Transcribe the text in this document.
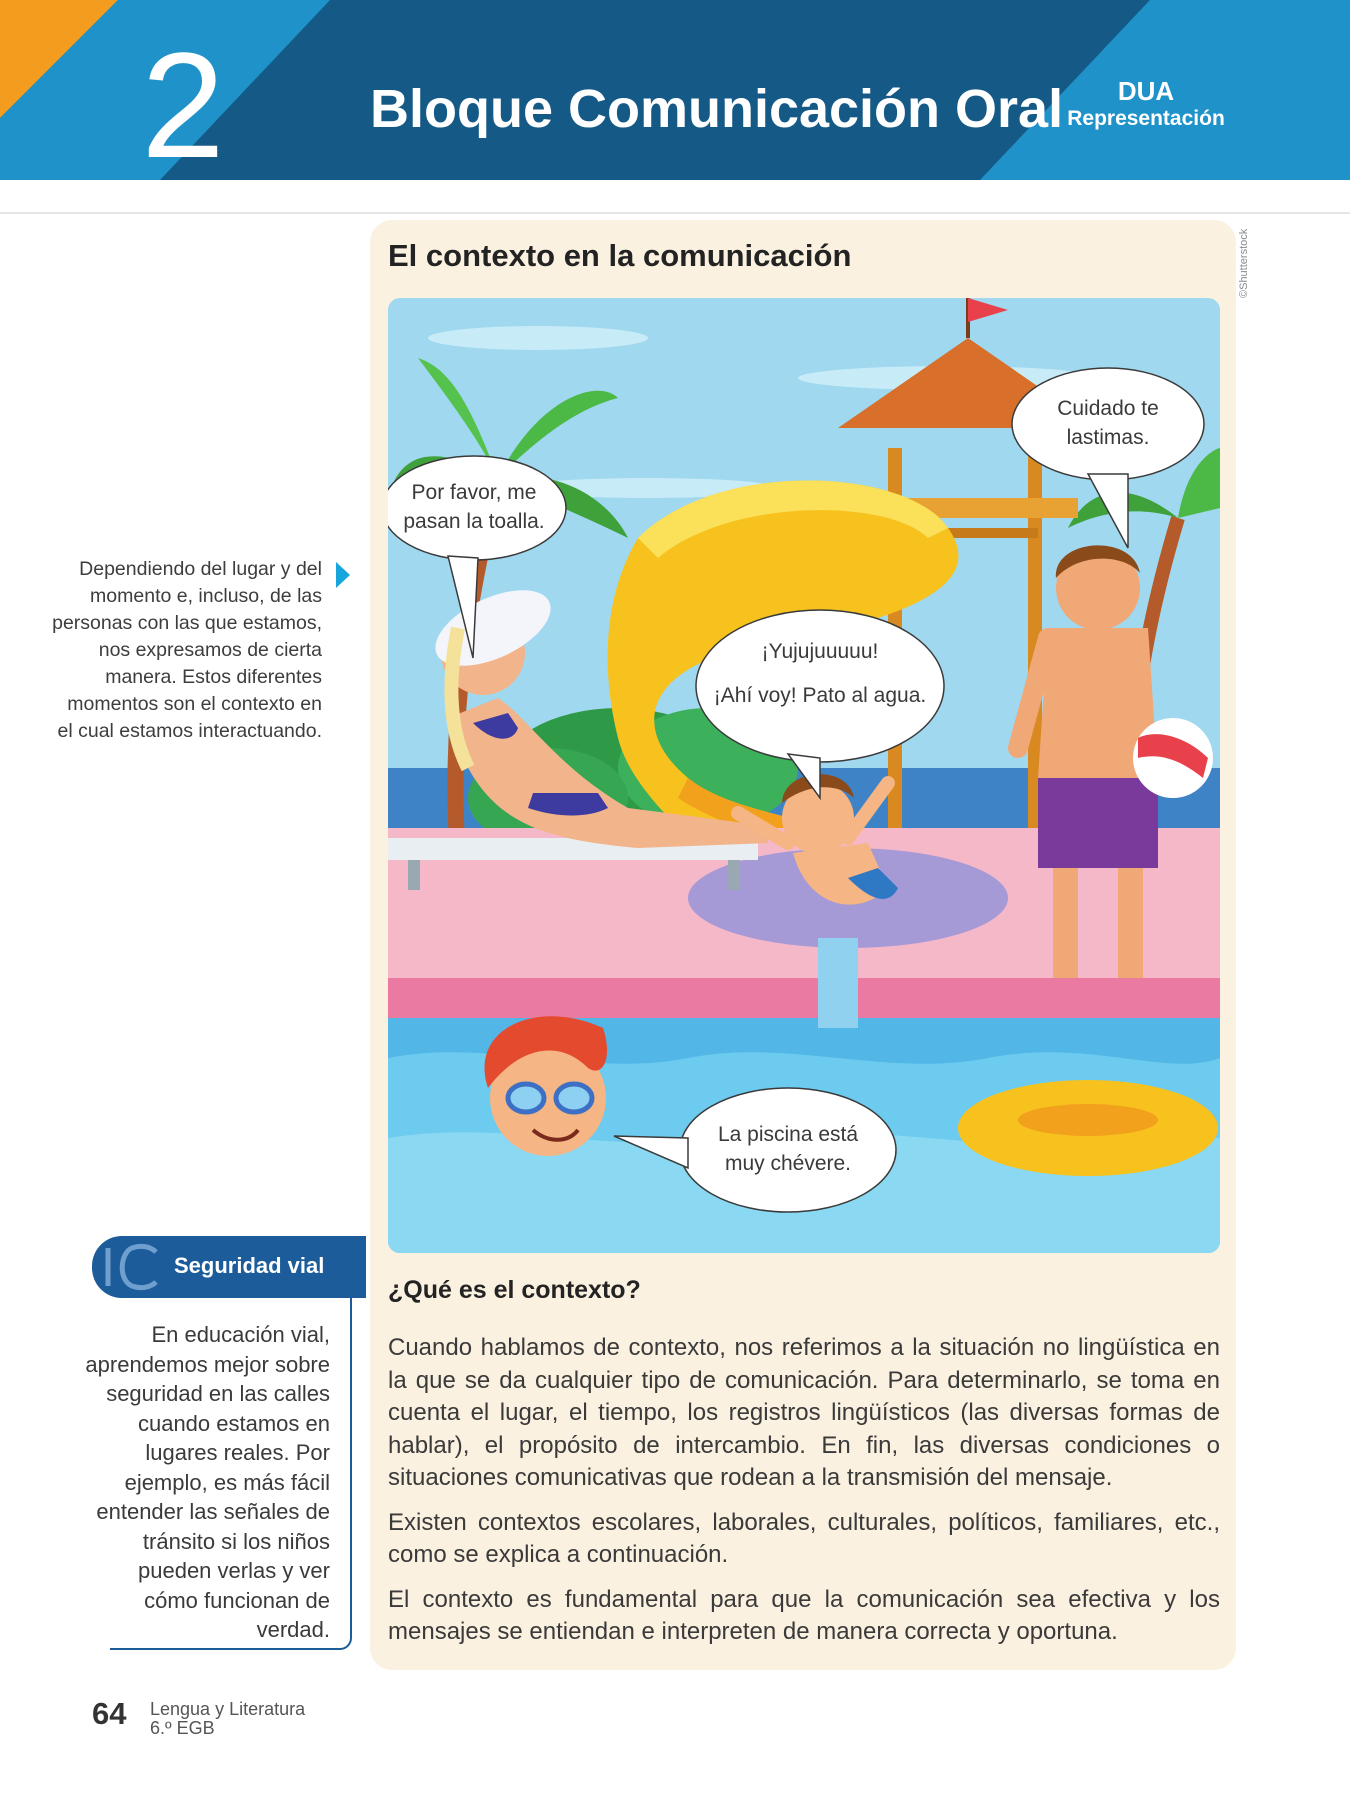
2	Bloque Comunicación Oral	DUA
Representación
Dependiendo del lugar y del momento e, incluso, de las personas con las que estamos, nos expresamos de cierta manera. Estos diferentes momentos son el contexto en el cual estamos interactuando.
El contexto en la comunicación	©Shutterstock
Por favor, me
pasan la toalla.
Cuidado te
lastimas.
¡Yujujuuuuu!
¡Ahí voy! Pato al agua.
La piscina está
muy chévere.
Seguridad vial
En educación vial, aprendemos mejor sobre seguridad en las calles cuando estamos en lugares reales. Por ejemplo, es más fácil entender las señales de tránsito si los niños pueden verlas y ver cómo funcionan de verdad.
¿Qué es el contexto?

Cuando hablamos de contexto, nos referimos a la situación no lingüística en la que se da cualquier tipo de comunicación. Para determinarlo, se toma en cuenta el lugar, el tiempo, los registros lingüísticos (las diversas formas de hablar), el propósito de intercambio. En fin, las diversas condiciones o situaciones comunicativas que rodean a la transmisión del mensaje.

Existen contextos escolares, laborales, culturales, políticos, familiares, etc., como se explica a continuación.

El contexto es fundamental para que la comunicación sea efectiva y los mensajes se entiendan e interpreten de manera correcta y oportuna.

64 Lengua y Literatura
6.º EGB
